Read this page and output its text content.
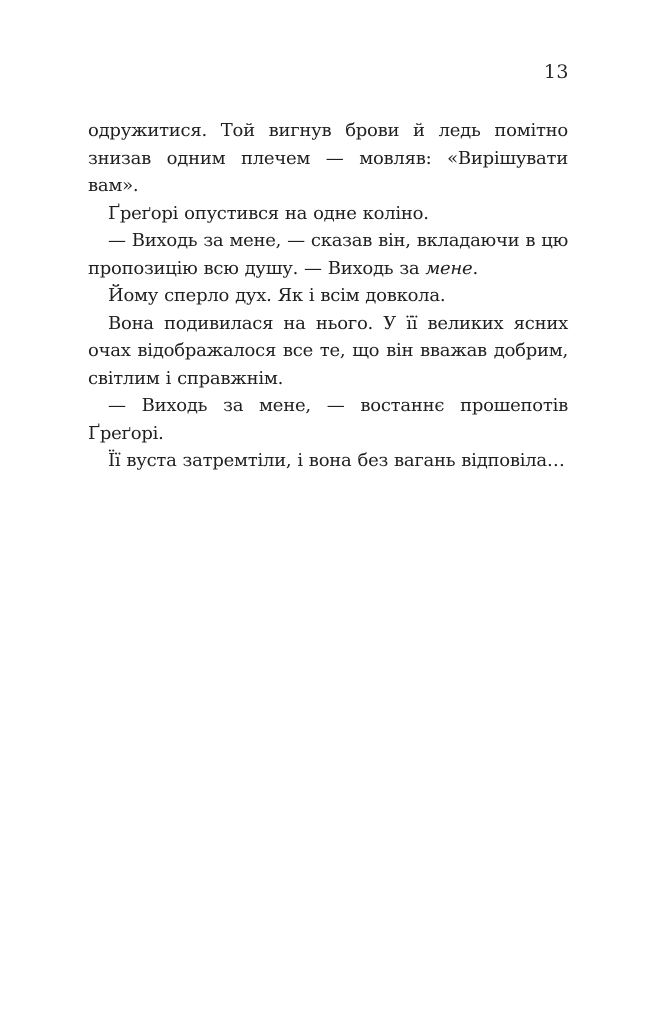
13

одружитися. Той вигнув брови й ледь помітно знизав одним плечем — мовляв: «Вирішувати вам».

Ґреґорі опустився на одне коліно.

— Виходь за мене, — сказав він, вкладаючи в цю пропозицію всю душу. — Виходь за мене.

Йому сперло дух. Як і всім довкола.

Вона подивилася на нього. У її великих ясних очах відображалося все те, що він вважав добрим, світлим і справжнім.

— Виходь за мене, — востаннє прошепотів Ґреґорі.

Її вуста затремтіли, і вона без вагань відповіла…
